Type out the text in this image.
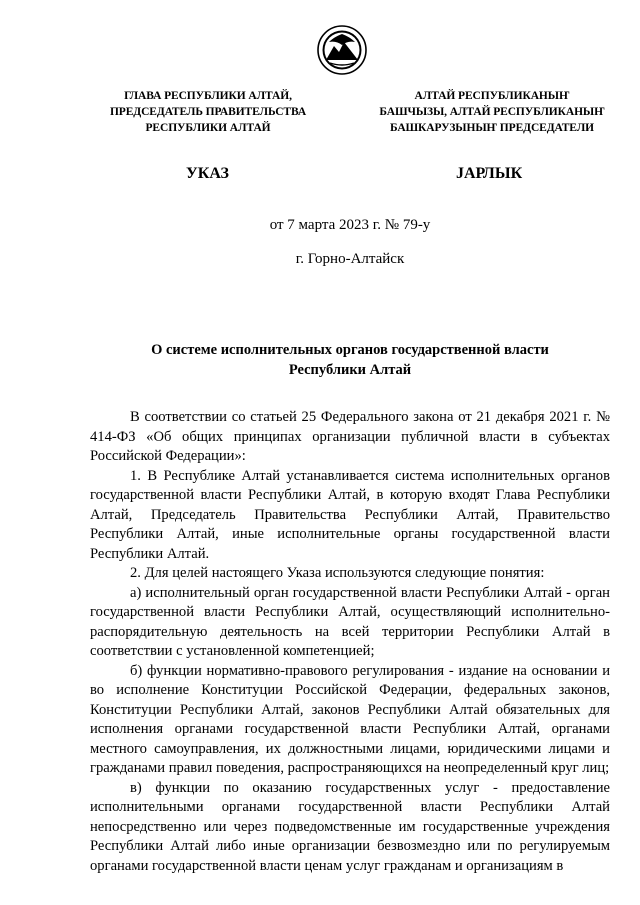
ГЛАВА РЕСПУБЛИКИ АЛТАЙ,
ПРЕДСЕДАТЕЛЬ ПРАВИТЕЛЬСТВА
РЕСПУБЛИКИ АЛТАЙ
АЛТАЙ РЕСПУБЛИКАНЫҤ
БАШЧЫЗЫ, АЛТАЙ РЕСПУБЛИКАНЫҤ
БАШКАРУЗЫНЫҤ ПРЕДСЕДАТЕЛИ
УКАЗ	JАРЛЫК
от 7 марта 2023 г. № 79-у
г. Горно-Алтайск
О системе исполнительных органов государственной власти
Республики Алтай

В соответствии со статьей 25 Федерального закона от 21 декабря 2021 г. № 414-ФЗ «Об общих принципах организации публичной власти в субъектах Российской Федерации»:

1. В Республике Алтай устанавливается система исполнительных органов государственной власти Республики Алтай, в которую входят Глава Республики Алтай, Председатель Правительства Республики Алтай, Правительство Республики Алтай, иные исполнительные органы государственной власти Республики Алтай.

2. Для целей настоящего Указа используются следующие понятия:

а) исполнительный орган государственной власти Республики Алтай - орган государственной власти Республики Алтай, осуществляющий исполнительно-распорядительную деятельность на всей территории Республики Алтай в соответствии с установленной компетенцией;

б) функции нормативно-правового регулирования - издание на основании и во исполнение Конституции Российской Федерации, федеральных законов, Конституции Республики Алтай, законов Республики Алтай обязательных для исполнения органами государственной власти Республики Алтай, органами местного самоуправления, их должностными лицами, юридическими лицами и гражданами правил поведения, распространяющихся на неопределенный круг лиц;

в) функции по оказанию государственных услуг - предоставление исполнительными органами государственной власти Республики Алтай непосредственно или через подведомственные им государственные учреждения Республики Алтай либо иные организации безвозмездно или по регулируемым органами государственной власти ценам услуг гражданам и организациям в
